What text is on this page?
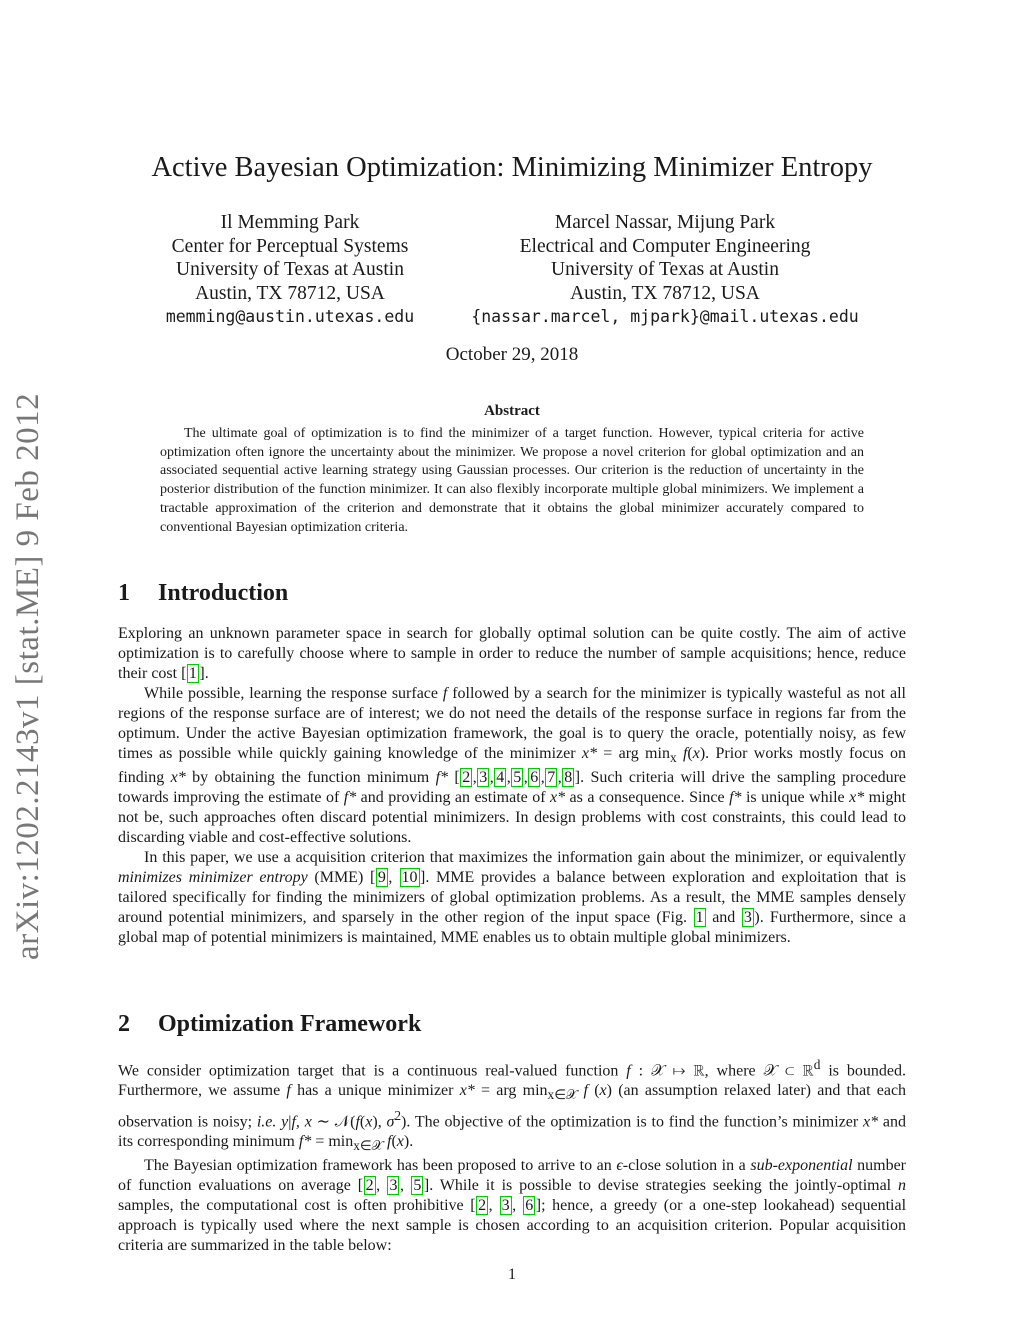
arXiv:1202.2143v1 [stat.ME] 9 Feb 2012
Active Bayesian Optimization: Minimizing Minimizer Entropy
Il Memming Park
Center for Perceptual Systems
University of Texas at Austin
Austin, TX 78712, USA
memming@austin.utexas.edu
Marcel Nassar, Mijung Park
Electrical and Computer Engineering
University of Texas at Austin
Austin, TX 78712, USA
{nassar.marcel, mjpark}@mail.utexas.edu
October 29, 2018
Abstract

The ultimate goal of optimization is to find the minimizer of a target function. However, typical criteria for active optimization often ignore the uncertainty about the minimizer. We propose a novel criterion for global optimization and an associated sequential active learning strategy using Gaussian processes. Our criterion is the reduction of uncertainty in the posterior distribution of the function minimizer. It can also flexibly incorporate multiple global minimizers. We implement a tractable approximation of the criterion and demonstrate that it obtains the global minimizer accurately compared to conventional Bayesian optimization criteria.

1 Introduction

Exploring an unknown parameter space in search for globally optimal solution can be quite costly. The aim of active optimization is to carefully choose where to sample in order to reduce the number of sample acquisitions; hence, reduce their cost [ 1 ].

While possible, learning the response surface f followed by a search for the minimizer is typically wasteful as not all regions of the response surface are of interest; we do not need the details of the response surface in regions far from the optimum. Under the active Bayesian optimization framework, the goal is to query the oracle, potentially noisy, as few times as possible while quickly gaining knowledge of the minimizer x* = arg $\min_x f(x)$. Prior works mostly focus on finding x* by obtaining the function minimum f* [ 2 , 3 , 4 , 5 , 6 , 7 , 8 ]. Such criteria will drive the sampling procedure towards improving the estimate of f* and providing an estimate of x* as a consequence. Since f* is unique while x* might not be, such approaches often discard potential minimizers. In design problems with cost constraints, this could lead to discarding viable and cost-effective solutions.

In this paper, we use a acquisition criterion that maximizes the information gain about the minimizer, or equivalently minimizes minimizer entropy (MME) [ 9 , 10 ]. MME provides a balance between exploration and exploitation that is tailored specifically for finding the minimizers of global optimization problems. As a result, the MME samples densely around potential minimizers, and sparsely in the other region of the input space (Fig. 1 and 3 ). Furthermore, since a global map of potential minimizers is maintained, MME enables us to obtain multiple global minimizers.

2 Optimization Framework

We consider optimization target that is a continuous real-valued function f : 𝒳 ↦ ℝ, where 𝒳 ⊂ ℝ$^d$ is bounded. Furthermore, we assume f has a unique minimizer x* = arg $\min_{x\in 𝒳} f$ (x) (an assumption relaxed later) and that each observation is noisy; i.e. y|f, x ∼ 𝒩(f(x), $\sigma^2$). The objective of the optimization is to find the function’s minimizer x* and its corresponding minimum $f* = \min_{x\in 𝒳} f(x)$.

The Bayesian optimization framework has been proposed to arrive to an ϵ-close solution in a sub-exponential number of function evaluations on average [ 2 , 3 , 5 ]. While it is possible to devise strategies seeking the jointly-optimal n samples, the computational cost is often prohibitive [ 2 , 3 , 6 ]; hence, a greedy (or a one-step lookahead) sequential approach is typically used where the next sample is chosen according to an acquisition criterion. Popular acquisition criteria are summarized in the table below:

1
